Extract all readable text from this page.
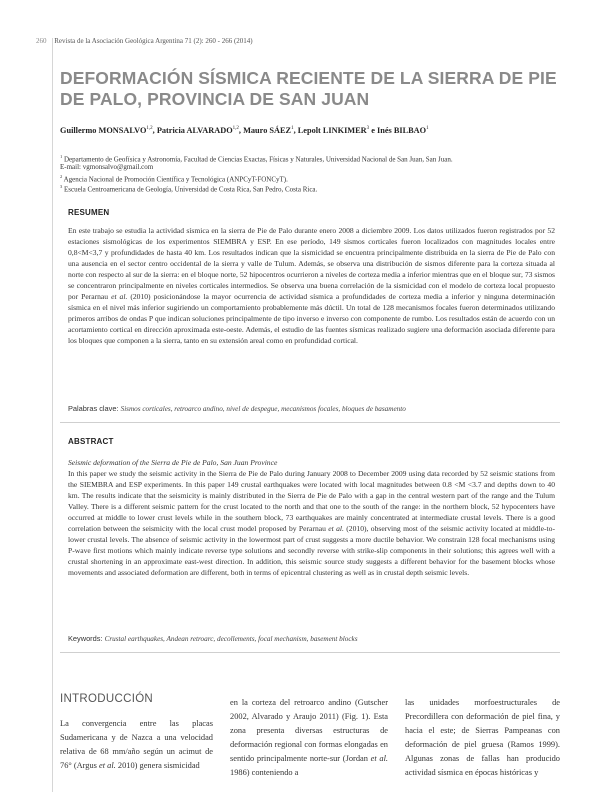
260 Revista de la Asociación Geológica Argentina 71 (2): 260 - 266 (2014)
DEFORMACIÓN SÍSMICA RECIENTE DE LA SIERRA DE PIE DE PALO, PROVINCIA DE SAN JUAN
Guillermo MONSALVO$^{1,2}$, Patricia ALVARADO$^{1,2}$, Mauro SÁEZ$^1$, Lepolt LINKIMER$^3$ e Inés BILBAO$^1$
$^1$ Departamento de Geofísica y Astronomía, Facultad de Ciencias Exactas, Físicas y Naturales, Universidad Nacional de San Juan, San Juan.
E-mail: vgmonsalvo@gmail.com
$^2$ Agencia Nacional de Promoción Científica y Tecnológica (ANPCyT-FONCyT).
$^3$ Escuela Centroamericana de Geología, Universidad de Costa Rica, San Pedro, Costa Rica.
RESUMEN
En este trabajo se estudia la actividad sísmica en la sierra de Pie de Palo durante enero 2008 a diciembre 2009. Los datos utilizados fueron registrados por 52 estaciones sismológicas de los experimentos SIEMBRA y ESP. En ese período, 149 sismos corticales fueron localizados con magnitudes locales entre 0,8<M<3,7 y profundidades de hasta 40 km. Los resultados indican que la sismicidad se encuentra principalmente distribuida en la sierra de Pie de Palo con una ausencia en el sector centro occidental de la sierra y valle de Tulum. Además, se observa una distribución de sismos diferente para la corteza situada al norte con respecto al sur de la sierra: en el bloque norte, 52 hipocentros ocurrieron a niveles de corteza media a inferior mientras que en el bloque sur, 73 sismos se concentraron principalmente en niveles corticales intermedios. Se observa una buena correlación de la sismicidad con el modelo de corteza local propuesto por Perarnau et al. (2010) posicionándose la mayor ocurrencia de actividad sísmica a profundidades de corteza media a inferior y ninguna determinación sísmica en el nivel más inferior sugiriendo un comportamiento probablemente más dúctil. Un total de 128 mecanismos focales fueron determinados utilizando primeros arribos de ondas P que indican soluciones principalmente de tipo inverso e inverso con componente de rumbo. Los resultados están de acuerdo con un acortamiento cortical en dirección aproximada este-oeste. Además, el estudio de las fuentes sísmicas realizado sugiere una deformación asociada diferente para los bloques que componen a la sierra, tanto en su extensión areal como en profundidad cortical.
Palabras clave: Sismos corticales, retroarco andino, nivel de despegue, mecanismos focales, bloques de basamento
ABSTRACT
Seismic deformation of the Sierra de Pie de Palo, San Juan Province
In this paper we study the seismic activity in the Sierra de Pie de Palo during January 2008 to December 2009 using data recorded by 52 seismic stations from the SIEMBRA and ESP experiments. In this paper 149 crustal earthquakes were located with local magnitudes between 0.8 <M <3.7 and depths down to 40 km. The results indicate that the seismicity is mainly distributed in the Sierra de Pie de Palo with a gap in the central western part of the range and the Tulum Valley. There is a different seismic pattern for the crust located to the north and that one to the south of the range: in the northern block, 52 hypocenters have occurred at middle to lower crust levels while in the southern block, 73 earthquakes are mainly concentrated at intermediate crustal levels. There is a good correlation between the seismicity with the local crust model proposed by Perarnau et al. (2010), observing most of the seismic activity located at middle-to-lower crustal levels. The absence of seismic activity in the lowermost part of crust suggests a more ductile behavior. We constrain 128 focal mechanisms using P-wave first motions which mainly indicate reverse type solutions and secondly reverse with strike-slip components in their solutions; this agrees well with a crustal shortening in an approximate east-west direction. In addition, this seismic source study suggests a different behavior for the basement blocks whose movements and associated deformation are different, both in terms of epicentral clustering as well as in crustal depth seismic levels.
Keywords: Crustal earthquakes, Andean retroarc, decollements, focal mechanism, basement blocks
INTRODUCCIÓN
La convergencia entre las placas Sudamericana y de Nazca a una velocidad relativa de 68 mm/año según un acimut de 76° (Argus et al. 2010) genera sismicidad
en la corteza del retroarco andino (Gutscher 2002, Alvarado y Araujo 2011) (Fig. 1). Esta zona presenta diversas estructuras de deformación regional con formas elongadas en sentido principalmente norte-sur (Jordan et al. 1986) conteniendo a
las unidades morfoestructurales de Precordillera con deformación de piel fina, y hacia el este; de Sierras Pampeanas con deformación de piel gruesa (Ramos 1999). Algunas zonas de fallas han producido actividad sísmica en épocas históricas y
